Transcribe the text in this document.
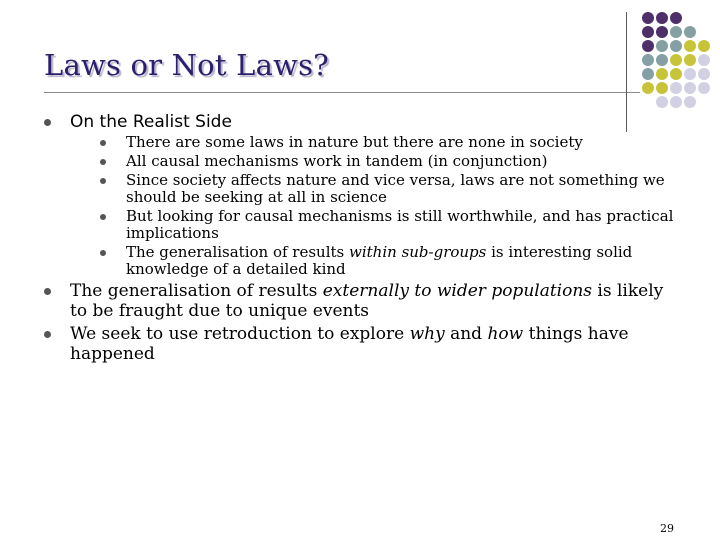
Laws or Not Laws?
On the Realist Side
There are some laws in nature but there are none in society
All causal mechanisms work in tandem (in conjunction)
Since society affects nature and vice versa, laws are not something we should be seeking at all in science
But looking for causal mechanisms is still worthwhile, and has practical implications
The generalisation of results within sub-groups is interesting solid knowledge of a detailed kind
The generalisation of results externally to wider populations is likely to be fraught due to unique events
We seek to use retroduction to explore why and how things have happened
29
